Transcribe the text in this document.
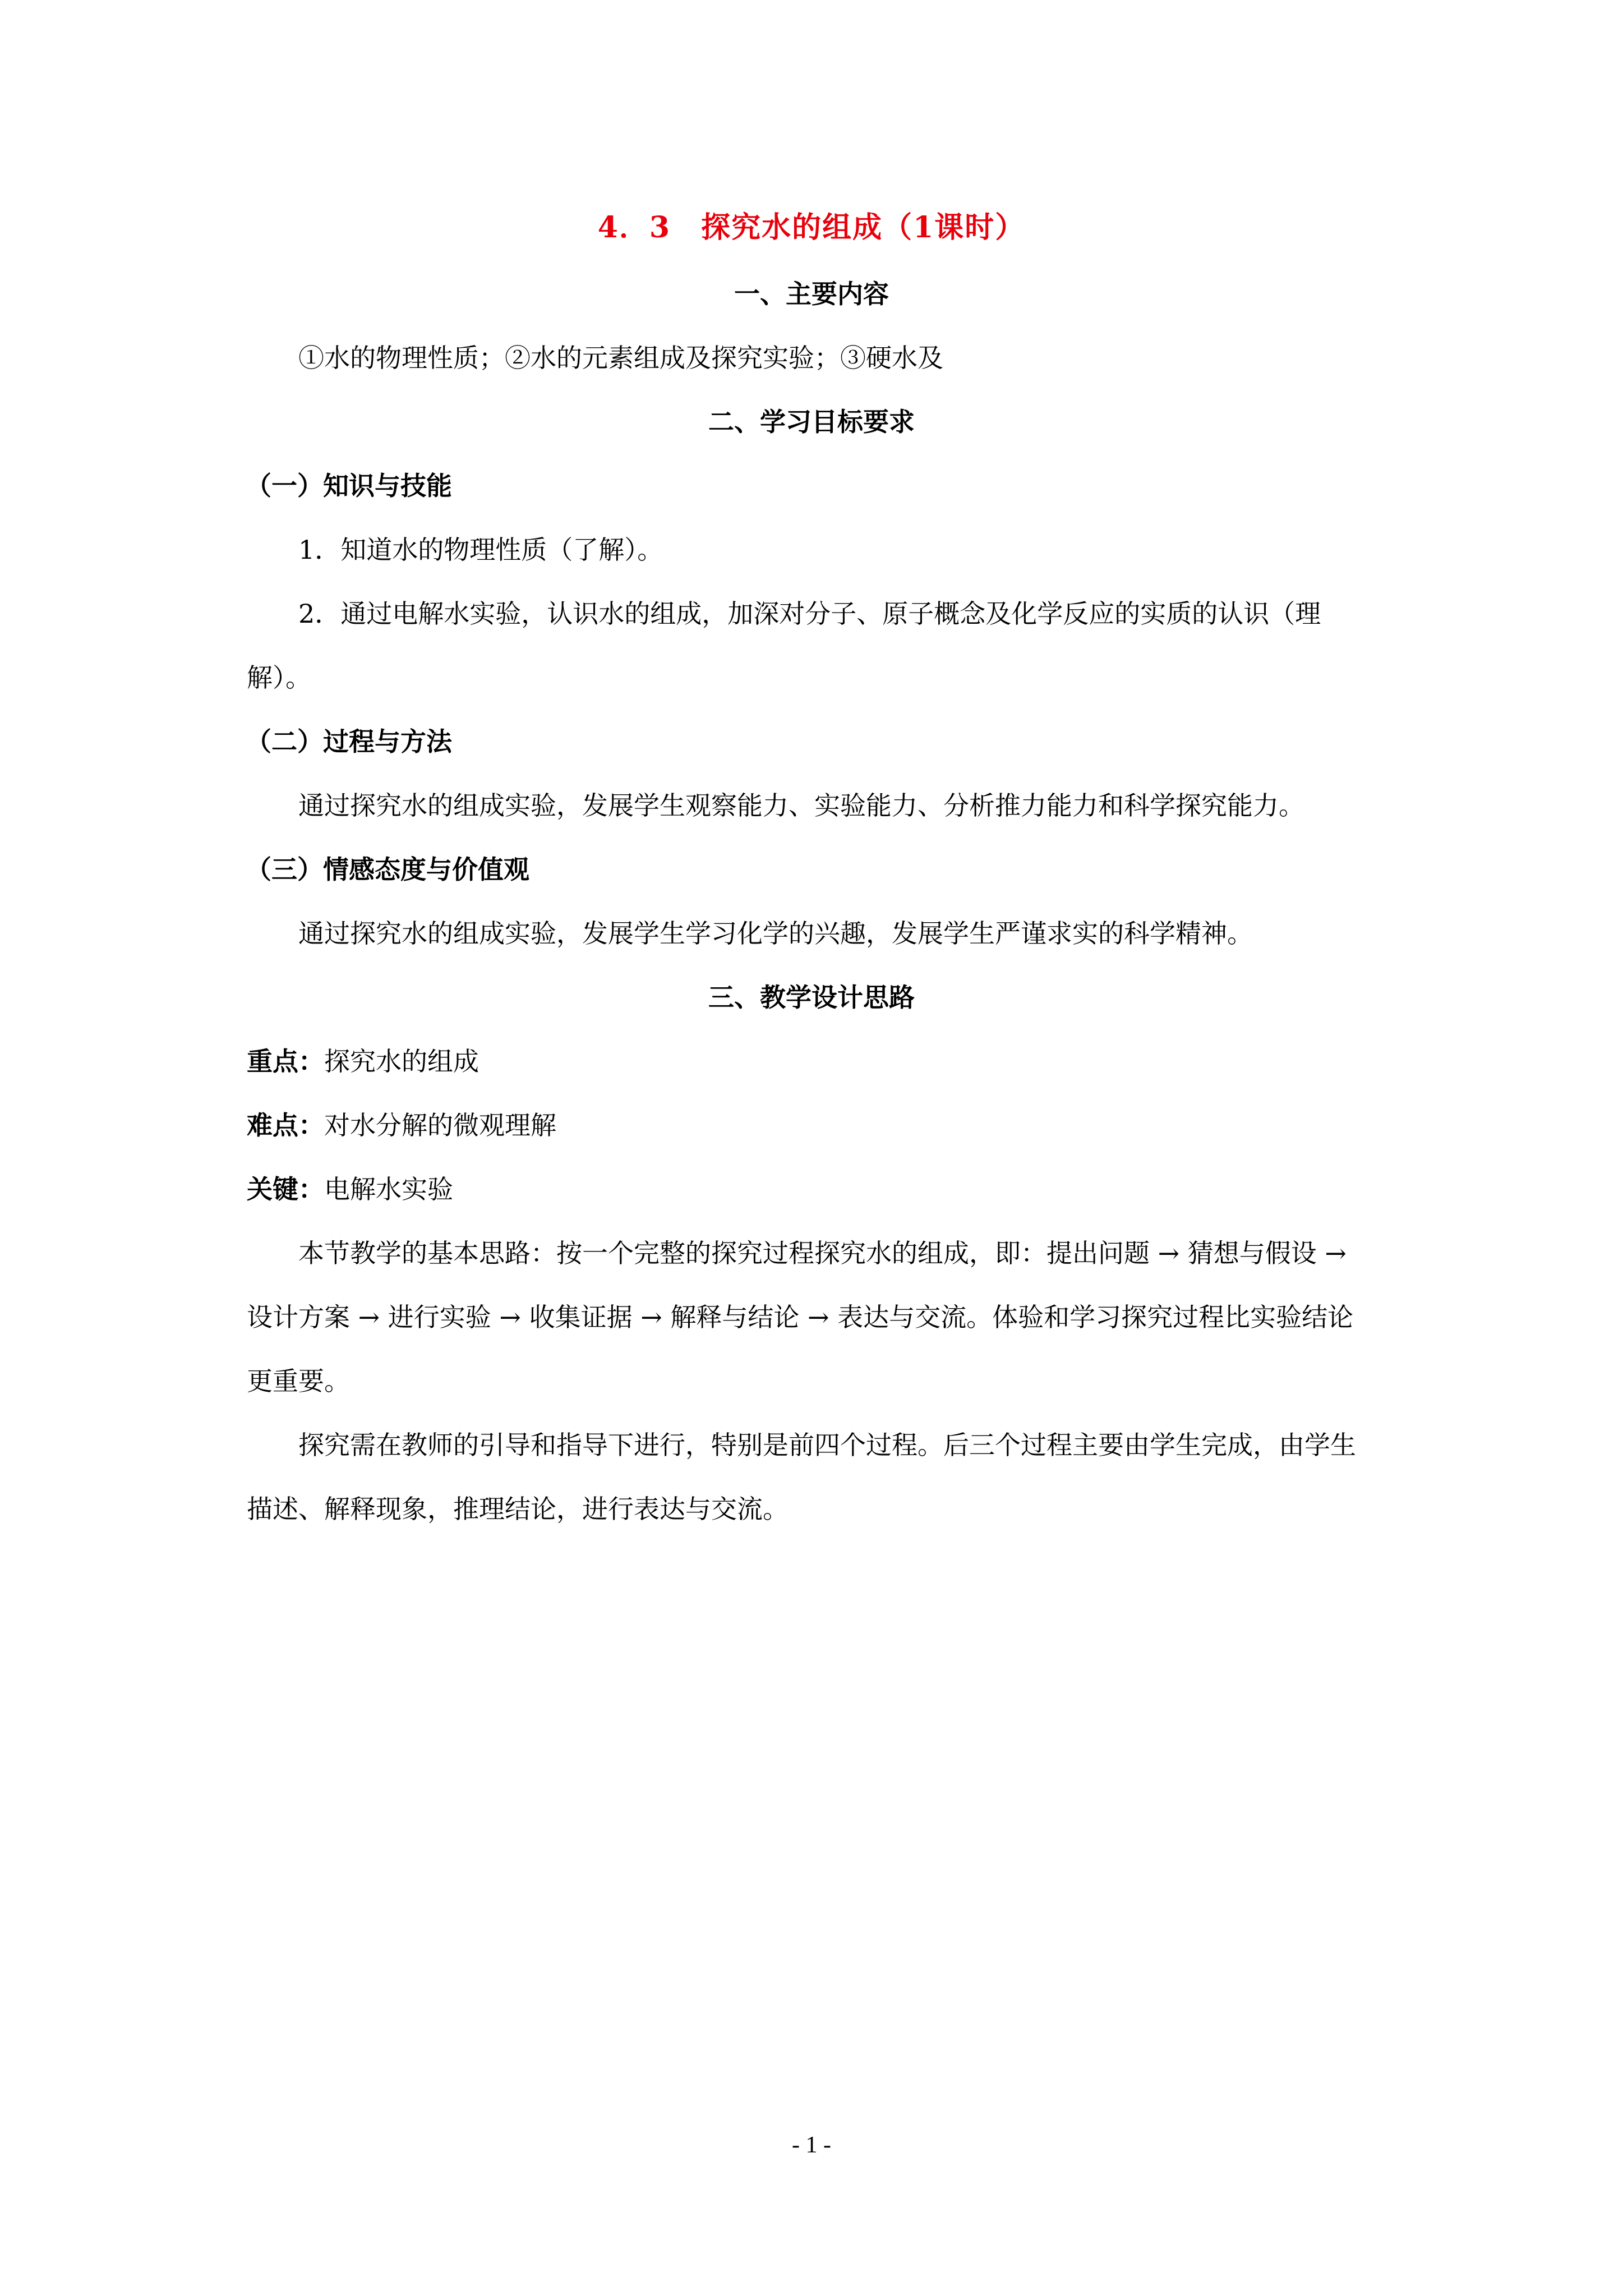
4．3　探究水的组成（1课时）
一、主要内容
①水的物理性质；②水的元素组成及探究实验；③硬水及
二、学习目标要求
（一）知识与技能
1．知道水的物理性质（了解）。
2．通过电解水实验，认识水的组成，加深对分子、原子概念及化学反应的实质的认识（理解）。
（二）过程与方法
通过探究水的组成实验，发展学生观察能力、实验能力、分析推力能力和科学探究能力。
（三）情感态度与价值观
通过探究水的组成实验，发展学生学习化学的兴趣，发展学生严谨求实的科学精神。
三、教学设计思路
重点：探究水的组成
难点：对水分解的微观理解
关键：电解水实验
本节教学的基本思路：按一个完整的探究过程探究水的组成，即：提出问题 → 猜想与假设 → 设计方案 → 进行实验 → 收集证据 → 解释与结论 → 表达与交流。体验和学习探究过程比实验结论更重要。
探究需在教师的引导和指导下进行，特别是前四个过程。后三个过程主要由学生完成，由学生描述、解释现象，推理结论，进行表达与交流。
- 1 -
